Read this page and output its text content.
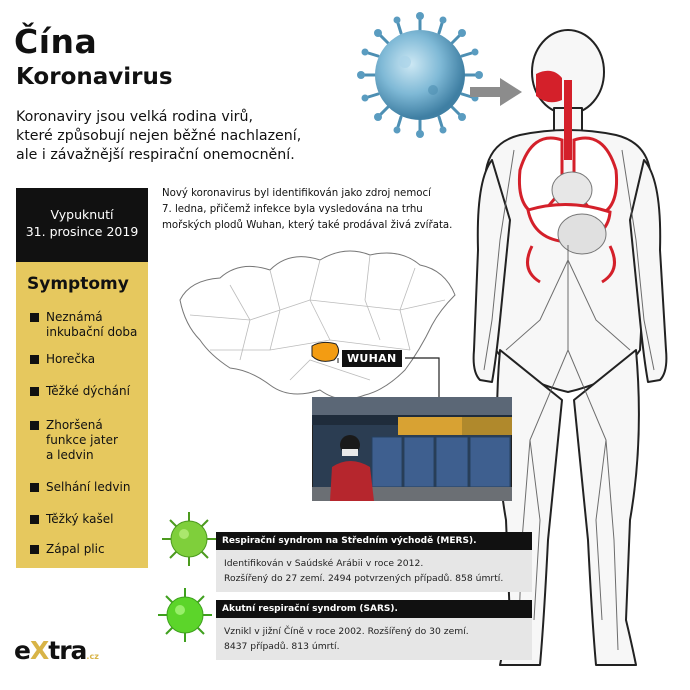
Čína
Koronavirus
Koronaviry jsou velká rodina virů,
které způsobují nejen běžné nachlazení,
ale i závažnější respirační onemocnění.
Nový koronavirus byl identifikován jako zdroj nemocí
7. ledna, přičemž infekce byla vysledována na trhu
mořských plodů Wuhan, který také prodával živá zvířata.
Vypuknutí
31. prosince 2019
Symptomy
Neznámá
inkubační doba
Horečka
Těžké dýchání
Zhoršená
funkce jater
a ledvin
Selhání ledvin
Těžký kašel
Zápal plic
WUHAN
Respirační syndrom na Středním východě (MERS).
Identifikován v Saúdské Arábii v roce 2012.
Rozšířený do 27 zemí. 2494 potvrzených případů. 858 úmrtí.
Akutní respirační syndrom (SARS).
Vznikl v jižní Číně v roce 2002. Rozšířený do 30 zemí.
8437 případů. 813 úmrtí.
eXtra.cz
